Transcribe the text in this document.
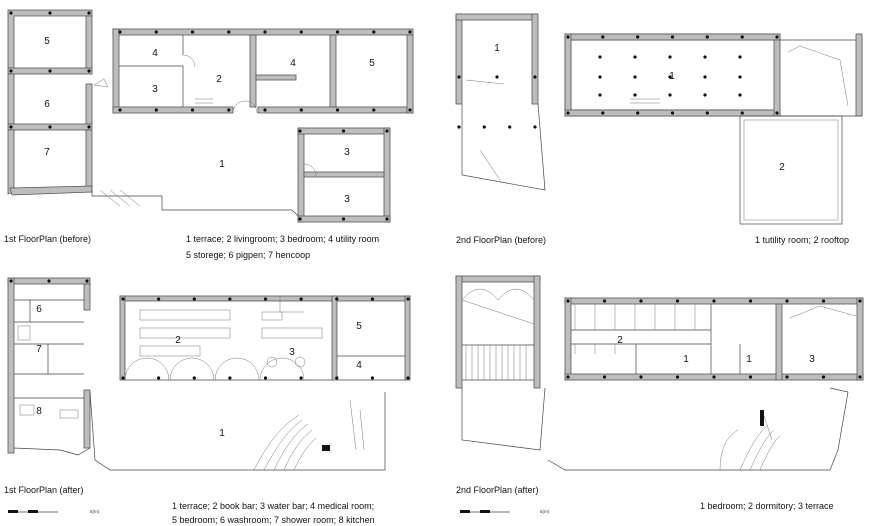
5
6
7
4
3
2
4	5
1
3
3
1
1
2
6
7
8
2
3
5
4
1
2
1	1	3
1st FloorPlan (before)	1 terrace; 2 livingroom; 3 bedroom; 4 utility room
5 storege; 6 pigpen; 7 hencoop
2nd FloorPlan (before)	1 tutility room; 2 rooftop
1st FloorPlan (after)
1 terrace; 2 book bar; 3 water bar; 4 medical room;
5 bedroom; 6 washroom; 7 shower room; 8 kitchen
5(m)
2nd FloorPlan (after)
1 bedroom; 2 dormitory; 3 terrace
5(m)
